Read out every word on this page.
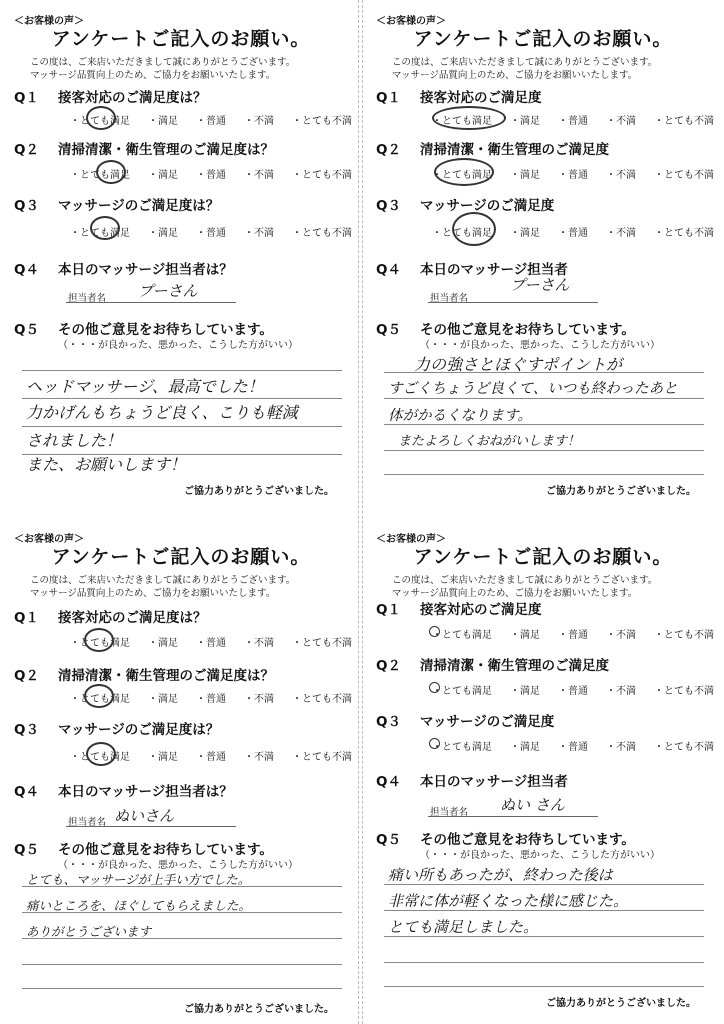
＜お客様の声＞
アンケートご記入のお願い。
この度は、ご来店いただきまして誠にありがとうございます。
マッサージ品質向上のため、ご協力をお願いいたします。
Q１ 接客対応のご満足度は？
・とても満足 ・満足 ・普通 ・不満 ・とても不満
Q２ 清掃清潔・衛生管理のご満足度は？
・とても満足 ・満足 ・普通 ・不満 ・とても不満
Q３ マッサージのご満足度は？
・とても満足 ・満足 ・普通 ・不満 ・とても不満
Q４ 本日のマッサージ担当者は？
担当者名 プーさん
Q５ その他ご意見をお待ちしています。
（・・・が良かった、悪かった、こうした方がいい）
ヘッドマッサージ、最高でした！
力かげんもちょうど良く、こりも軽減
されました！
また、お願いします！
ご協力ありがとうございました。
＜お客様の声＞
アンケートご記入のお願い。
この度は、ご来店いただきまして誠にありがとうございます。
マッサージ品質向上のため、ご協力をお願いいたします。
Q１ 接客対応のご満足度
・とても満足 ・満足 ・普通 ・不満 ・とても不満
Q２ 清掃清潔・衛生管理のご満足度
・とても満足 ・満足 ・普通 ・不満 ・とても不満
Q３ マッサージのご満足度
・とても満足 ・満足 ・普通 ・不満 ・とても不満
Q４ 本日のマッサージ担当者
担当者名
プーさん
Q５ その他ご意見をお待ちしています。
（・・・が良かった、悪かった、こうした方がいい）
力の強さとほぐすポイントが
すごくちょうど良くて、いつも終わったあと
体がかるくなります。
またよろしくおねがいします！
ご協力ありがとうございました。
＜お客様の声＞
アンケートご記入のお願い。
この度は、ご来店いただきまして誠にありがとうございます。
マッサージ品質向上のため、ご協力をお願いいたします。
Q１ 接客対応のご満足度は？
・とても満足 ・満足 ・普通 ・不満 ・とても不満
Q２ 清掃清潔・衛生管理のご満足度は？
・とても満足 ・満足 ・普通 ・不満 ・とても不満
Q３ マッサージのご満足度は？
・とても満足 ・満足 ・普通 ・不満 ・とても不満
Q４ 本日のマッサージ担当者は？
担当者名 ぬいさん
Q５ その他ご意見をお待ちしています。
（・・・が良かった、悪かった、こうした方がいい）
とても、マッサージが上手い方でした。
痛いところを、ほぐしてもらえました。
ありがとうございます
ご協力ありがとうございました。
＜お客様の声＞
アンケートご記入のお願い。
この度は、ご来店いただきまして誠にありがとうございます。
マッサージ品質向上のため、ご協力をお願いいたします。
Q１ 接客対応のご満足度
・とても満足 ・満足 ・普通 ・不満 ・とても不満
Q２ 清掃清潔・衛生管理のご満足度
・とても満足 ・満足 ・普通 ・不満 ・とても不満
Q３ マッサージのご満足度
・とても満足 ・満足 ・普通 ・不満 ・とても不満
Q４ 本日のマッサージ担当者
担当者名 ぬい さん
Q５ その他ご意見をお待ちしています。
（・・・が良かった、悪かった、こうした方がいい）
痛い所もあったが、終わった後は
非常に体が軽くなった様に感じた。
とても満足しました。
ご協力ありがとうございました。
